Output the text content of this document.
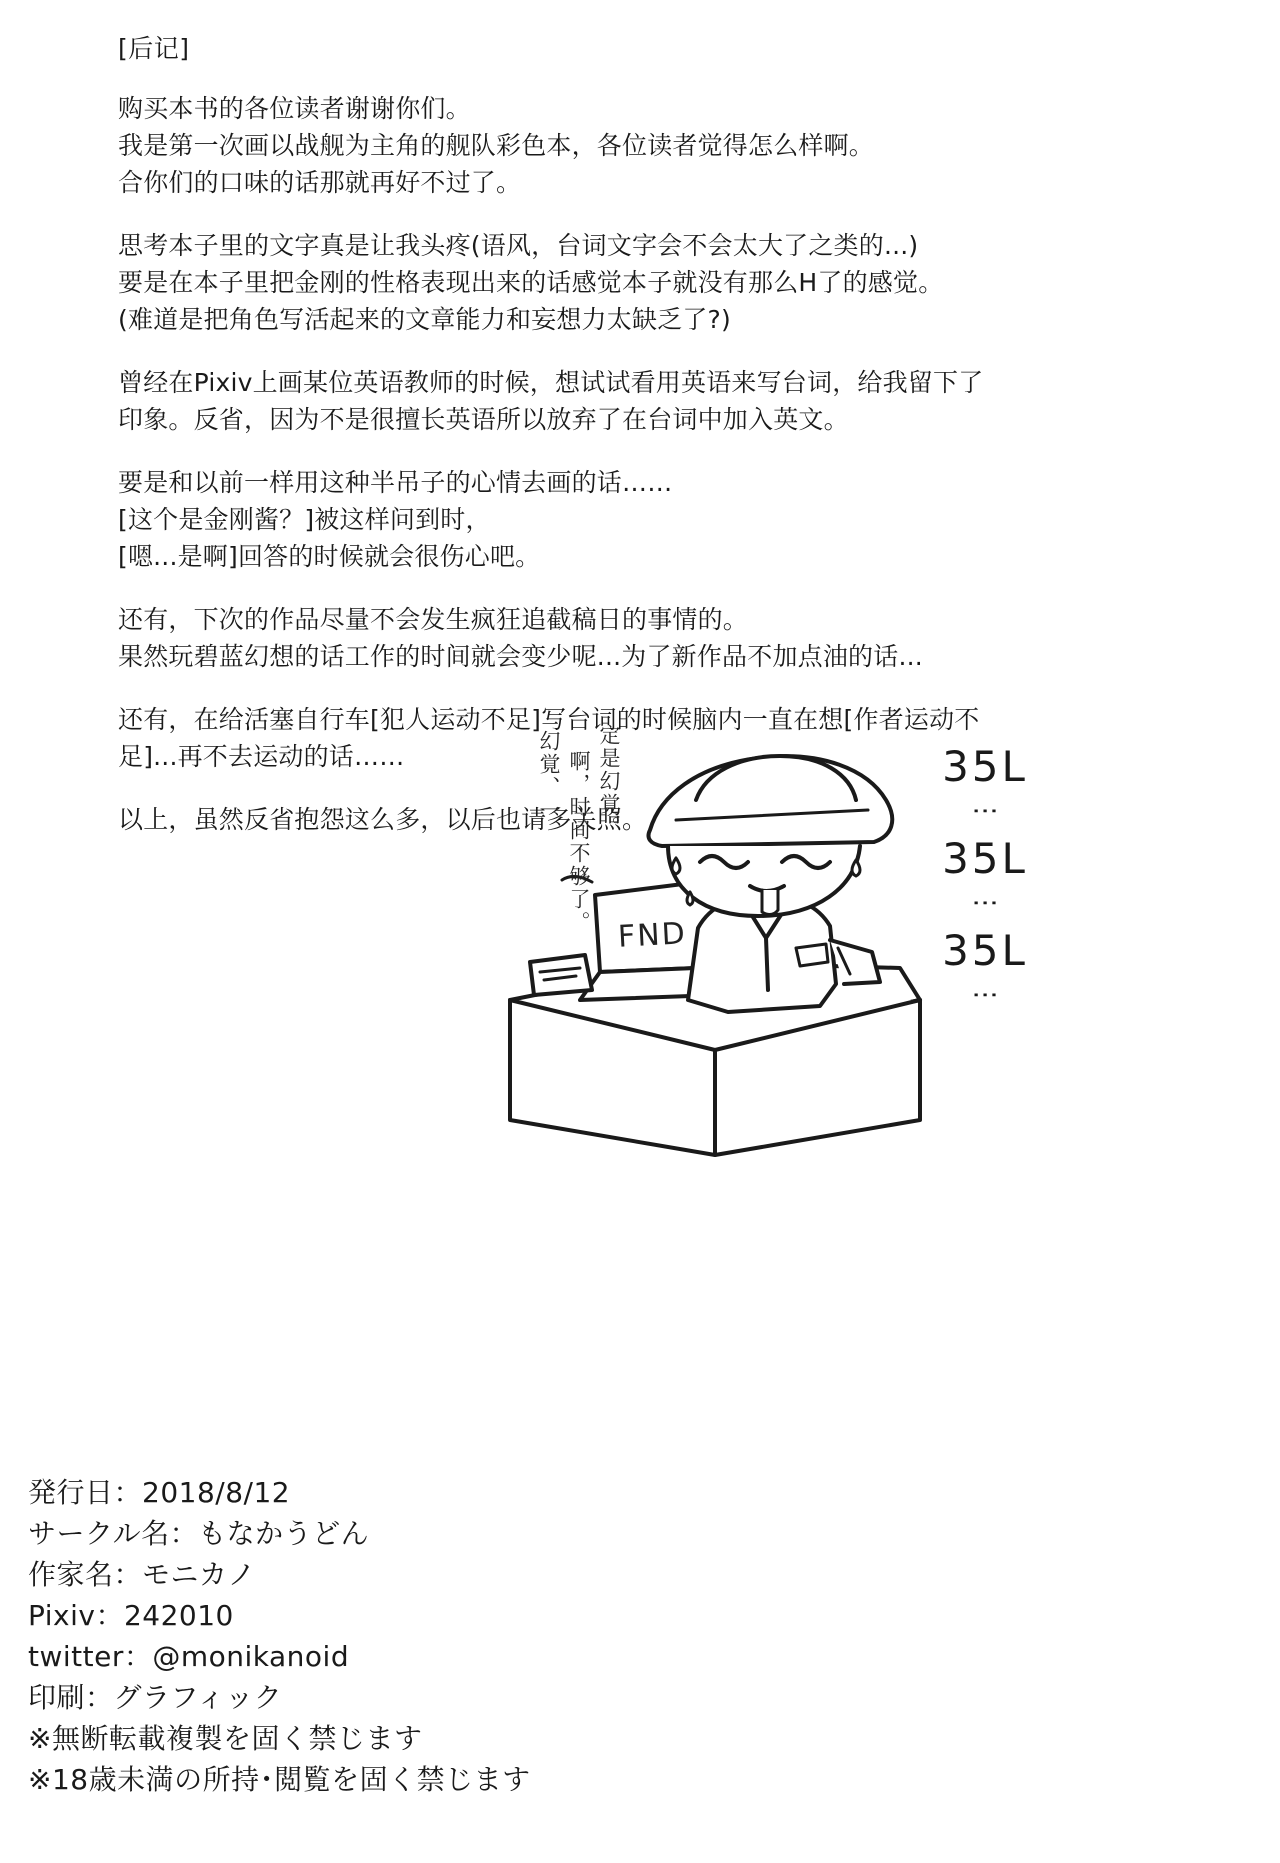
[后记]
购买本书的各位读者谢谢你们。
我是第一次画以战舰为主角的舰队彩色本，各位读者觉得怎么样啊。
合你们的口味的话那就再好不过了。
思考本子里的文字真是让我头疼(语风，台词文字会不会太大了之类的...)
要是在本子里把金刚的性格表现出来的话感觉本子就没有那么H了的感觉。
(难道是把角色写活起来的文章能力和妄想力太缺乏了?)
曾经在Pixiv上画某位英语教师的时候，想试试看用英语来写台词，给我留下了
印象。反省，因为不是很擅长英语所以放弃了在台词中加入英文。
要是和以前一样用这种半吊子的心情去画的话……
[这个是金刚酱？]被这样问到时，
[嗯...是啊]回答的时候就会很伤心吧。
还有，下次的作品尽量不会发生疯狂追截稿日的事情的。
果然玩碧蓝幻想的话工作的时间就会变少呢...为了新作品不加点油的话...
还有，在给活塞自行车[犯人运动不足]写台词的时候脑内一直在想[作者运动不
足]...再不去运动的话……
以上，虽然反省抱怨这么多，以后也请多关照。
定是幻覚。
啊，时间不够了。
幻覚、一
FND
35L
⋮
35L
⋮
35L
⋮
発行日：2018/8/12
サークル名：もなかうどん
作家名：モニカノ
Pixiv：242010
twitter：@monikanoid
印刷：グラフィック
※無断転載複製を固く禁じます
※18歳未満の所持･閲覧を固く禁じます
